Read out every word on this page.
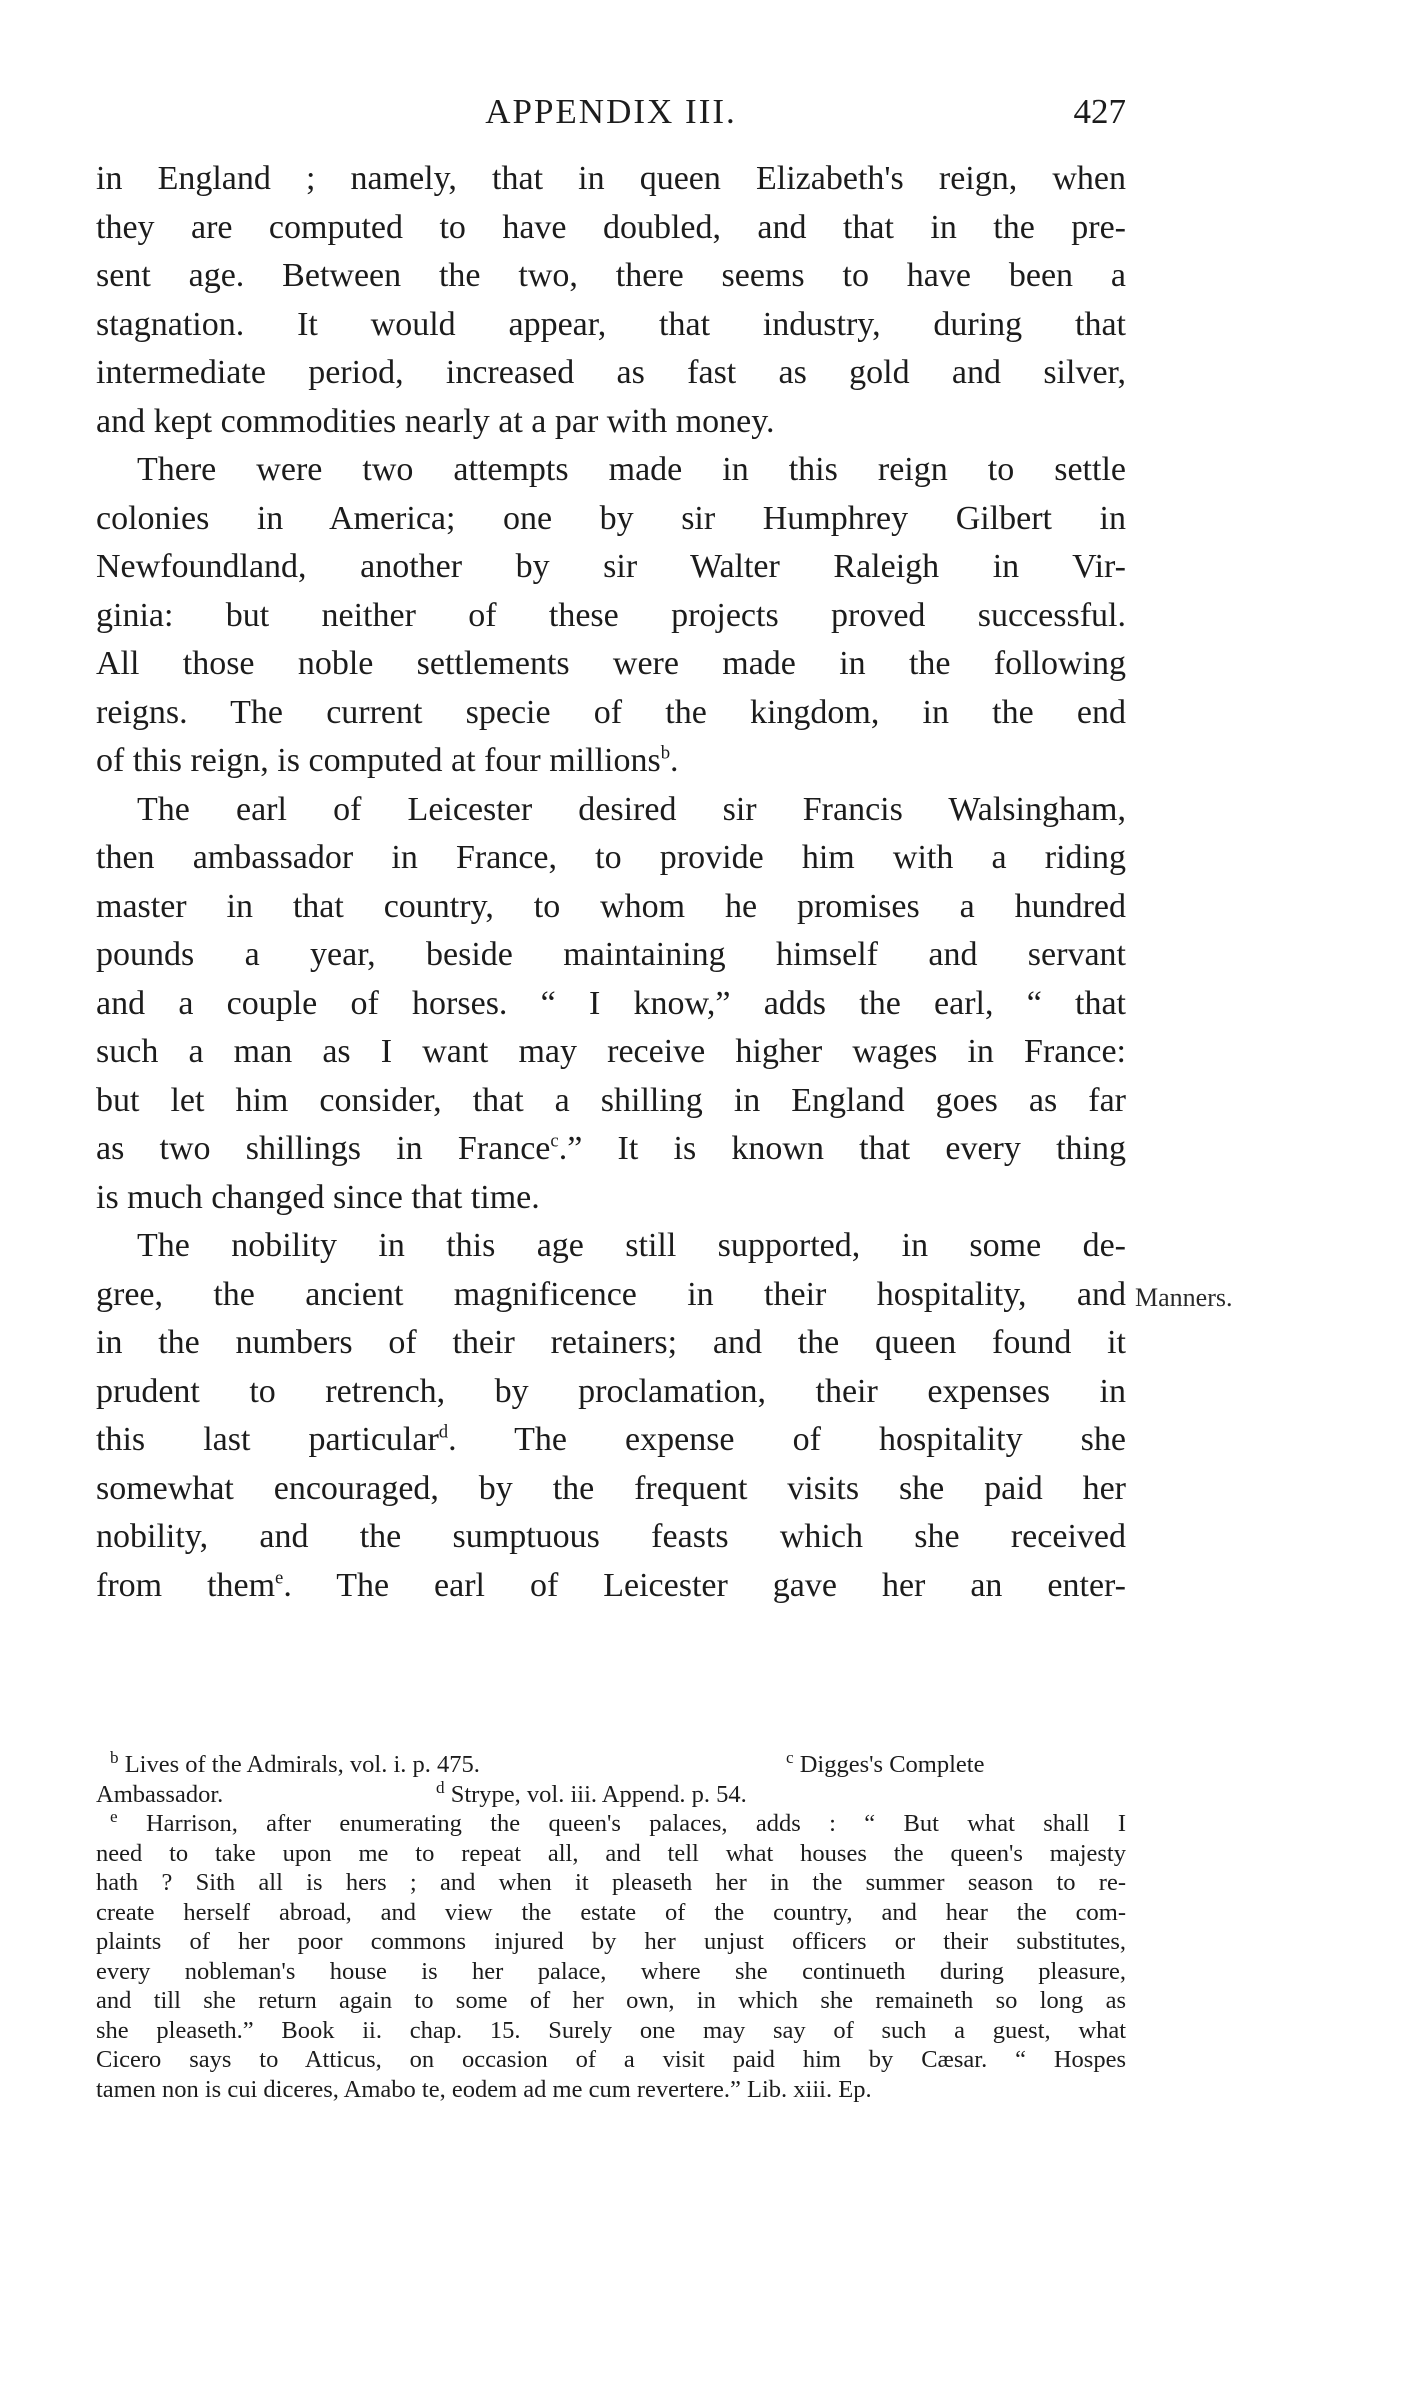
APPENDIX III.	427
Manners.
in England ; namely, that in queen Elizabeth's reign, when
they are computed to have doubled, and that in the pre-
sent age. Between the two, there seems to have been a
stagnation. It would appear, that industry, during that
intermediate period, increased as fast as gold and silver,
and kept commodities nearly at a par with money.
There were two attempts made in this reign to settle
colonies in America; one by sir Humphrey Gilbert in
Newfoundland, another by sir Walter Raleigh in Vir-
ginia: but neither of these projects proved successful.
All those noble settlements were made in the following
reigns. The current specie of the kingdom, in the end
of this reign, is computed at four millions$^b$.
The earl of Leicester desired sir Francis Walsingham,
then ambassador in France, to provide him with a riding
master in that country, to whom he promises a hundred
pounds a year, beside maintaining himself and servant
and a couple of horses. “ I know,” adds the earl, “ that
such a man as I want may receive higher wages in France:
but let him consider, that a shilling in England goes as far
as two shillings in France$^c$.” It is known that every thing
is much changed since that time.
The nobility in this age still supported, in some de-
gree, the ancient magnificence in their hospitality, and
in the numbers of their retainers; and the queen found it
prudent to retrench, by proclamation, their expenses in
this last particular$^d$. The expense of hospitality she
somewhat encouraged, by the frequent visits she paid her
nobility, and the sumptuous feasts which she received
from them$^e$. The earl of Leicester gave her an enter-
$^b$ Lives of the Admirals, vol. i. p. 475.	$^c$ Digges's Complete
Ambassador.	$^d$ Strype, vol. iii. Append. p. 54.
$^e$ Harrison, after enumerating the queen's palaces, adds : “ But what shall I
need to take upon me to repeat all, and tell what houses the queen's majesty
hath ? Sith all is hers ; and when it pleaseth her in the summer season to re-
create herself abroad, and view the estate of the country, and hear the com-
plaints of her poor commons injured by her unjust officers or their substitutes,
every nobleman's house is her palace, where she continueth during pleasure,
and till she return again to some of her own, in which she remaineth so long as
she pleaseth.” Book ii. chap. 15. Surely one may say of such a guest, what
Cicero says to Atticus, on occasion of a visit paid him by Cæsar. “ Hospes
tamen non is cui diceres, Amabo te, eodem ad me cum revertere.” Lib. xiii. Ep.
